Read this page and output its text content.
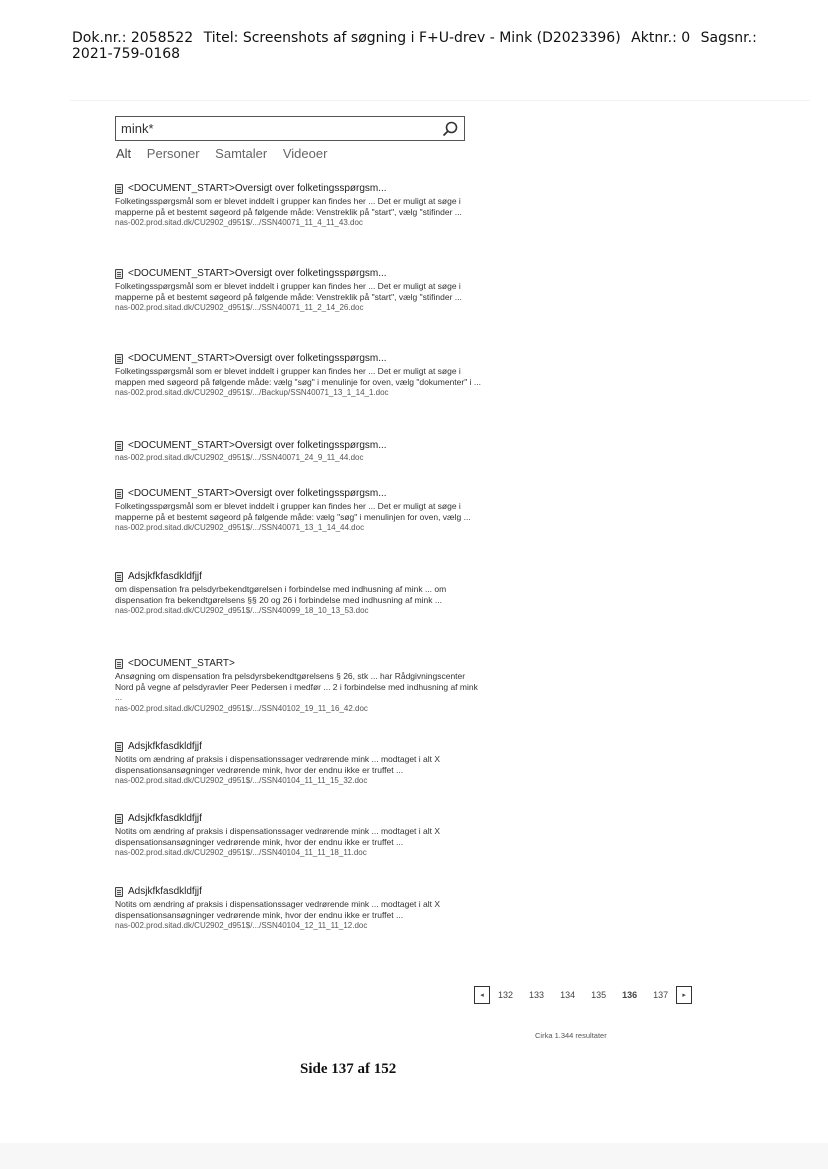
Dok.nr.: 2058522 Titel: Screenshots af søgning i F+U-drev - Mink (D2023396) Aktnr.: 0 Sagsnr.: 2021-759-0168
mink*
Alt Personer Samtaler Videoer
<DOCUMENT_START>Oversigt over folketingsspørgsm...
Folketingsspørgsmål som er blevet inddelt i grupper kan findes her ... Det er muligt at søge i mapperne på et bestemt søgeord på følgende måde: Venstreklik på "start", vælg "stifinder ...
nas-002.prod.sitad.dk/CU2902_d951$/.../SSN40071_11_4_11_43.doc
<DOCUMENT_START>Oversigt over folketingsspørgsm...
Folketingsspørgsmål som er blevet inddelt i grupper kan findes her ... Det er muligt at søge i mapperne på et bestemt søgeord på følgende måde: Venstreklik på "start", vælg "stifinder ...
nas-002.prod.sitad.dk/CU2902_d951$/.../SSN40071_11_2_14_26.doc
<DOCUMENT_START>Oversigt over folketingsspørgsm...
Folketingsspørgsmål som er blevet inddelt i grupper kan findes her ... Det er muligt at søge i mappen med søgeord på følgende måde: vælg "søg" i menulinje for oven, vælg "dokumenter" i ...
nas-002.prod.sitad.dk/CU2902_d951$/.../Backup/SSN40071_13_1_14_1.doc
<DOCUMENT_START>Oversigt over folketingsspørgsm...
nas-002.prod.sitad.dk/CU2902_d951$/.../SSN40071_24_9_11_44.doc
<DOCUMENT_START>Oversigt over folketingsspørgsm...
Folketingsspørgsmål som er blevet inddelt i grupper kan findes her ... Det er muligt at søge i mapperne på et bestemt søgeord på følgende måde: vælg "søg" i menulinjen for oven, vælg ...
nas-002.prod.sitad.dk/CU2902_d951$/.../SSN40071_13_1_14_44.doc
Adsjkfkfasdkldfjjf
om dispensation fra pelsdyrbekendtgørelsen i forbindelse med indhusning af mink ... om dispensation fra bekendtgørelsens §§ 20 og 26 i forbindelse med indhusning af mink ...
nas-002.prod.sitad.dk/CU2902_d951$/.../SSN40099_18_10_13_53.doc
<DOCUMENT_START>
Ansøgning om dispensation fra pelsdyrsbekendtgørelsens § 26, stk ... har Rådgivningscenter Nord på vegne af pelsdyravler Peer Pedersen i medfør ... 2 i forbindelse med indhusning af mink ...
nas-002.prod.sitad.dk/CU2902_d951$/.../SSN40102_19_11_16_42.doc
Adsjkfkfasdkldfjjf
Notits om ændring af praksis i dispensationssager vedrørende mink ... modtaget i alt X dispensationsansøgninger vedrørende mink, hvor der endnu ikke er truffet ...
nas-002.prod.sitad.dk/CU2902_d951$/.../SSN40104_11_11_15_32.doc
Adsjkfkfasdkldfjjf
Notits om ændring af praksis i dispensationssager vedrørende mink ... modtaget i alt X dispensationsansøgninger vedrørende mink, hvor der endnu ikke er truffet ...
nas-002.prod.sitad.dk/CU2902_d951$/.../SSN40104_11_11_18_11.doc
Adsjkfkfasdkldfjjf
Notits om ændring af praksis i dispensationssager vedrørende mink ... modtaget i alt X dispensationsansøgninger vedrørende mink, hvor der endnu ikke er truffet ...
nas-002.prod.sitad.dk/CU2902_d951$/.../SSN40104_12_11_11_12.doc
◂	132 133 134 135 136 137	▸
Cirka 1.344 resultater
Side 137 af 152
